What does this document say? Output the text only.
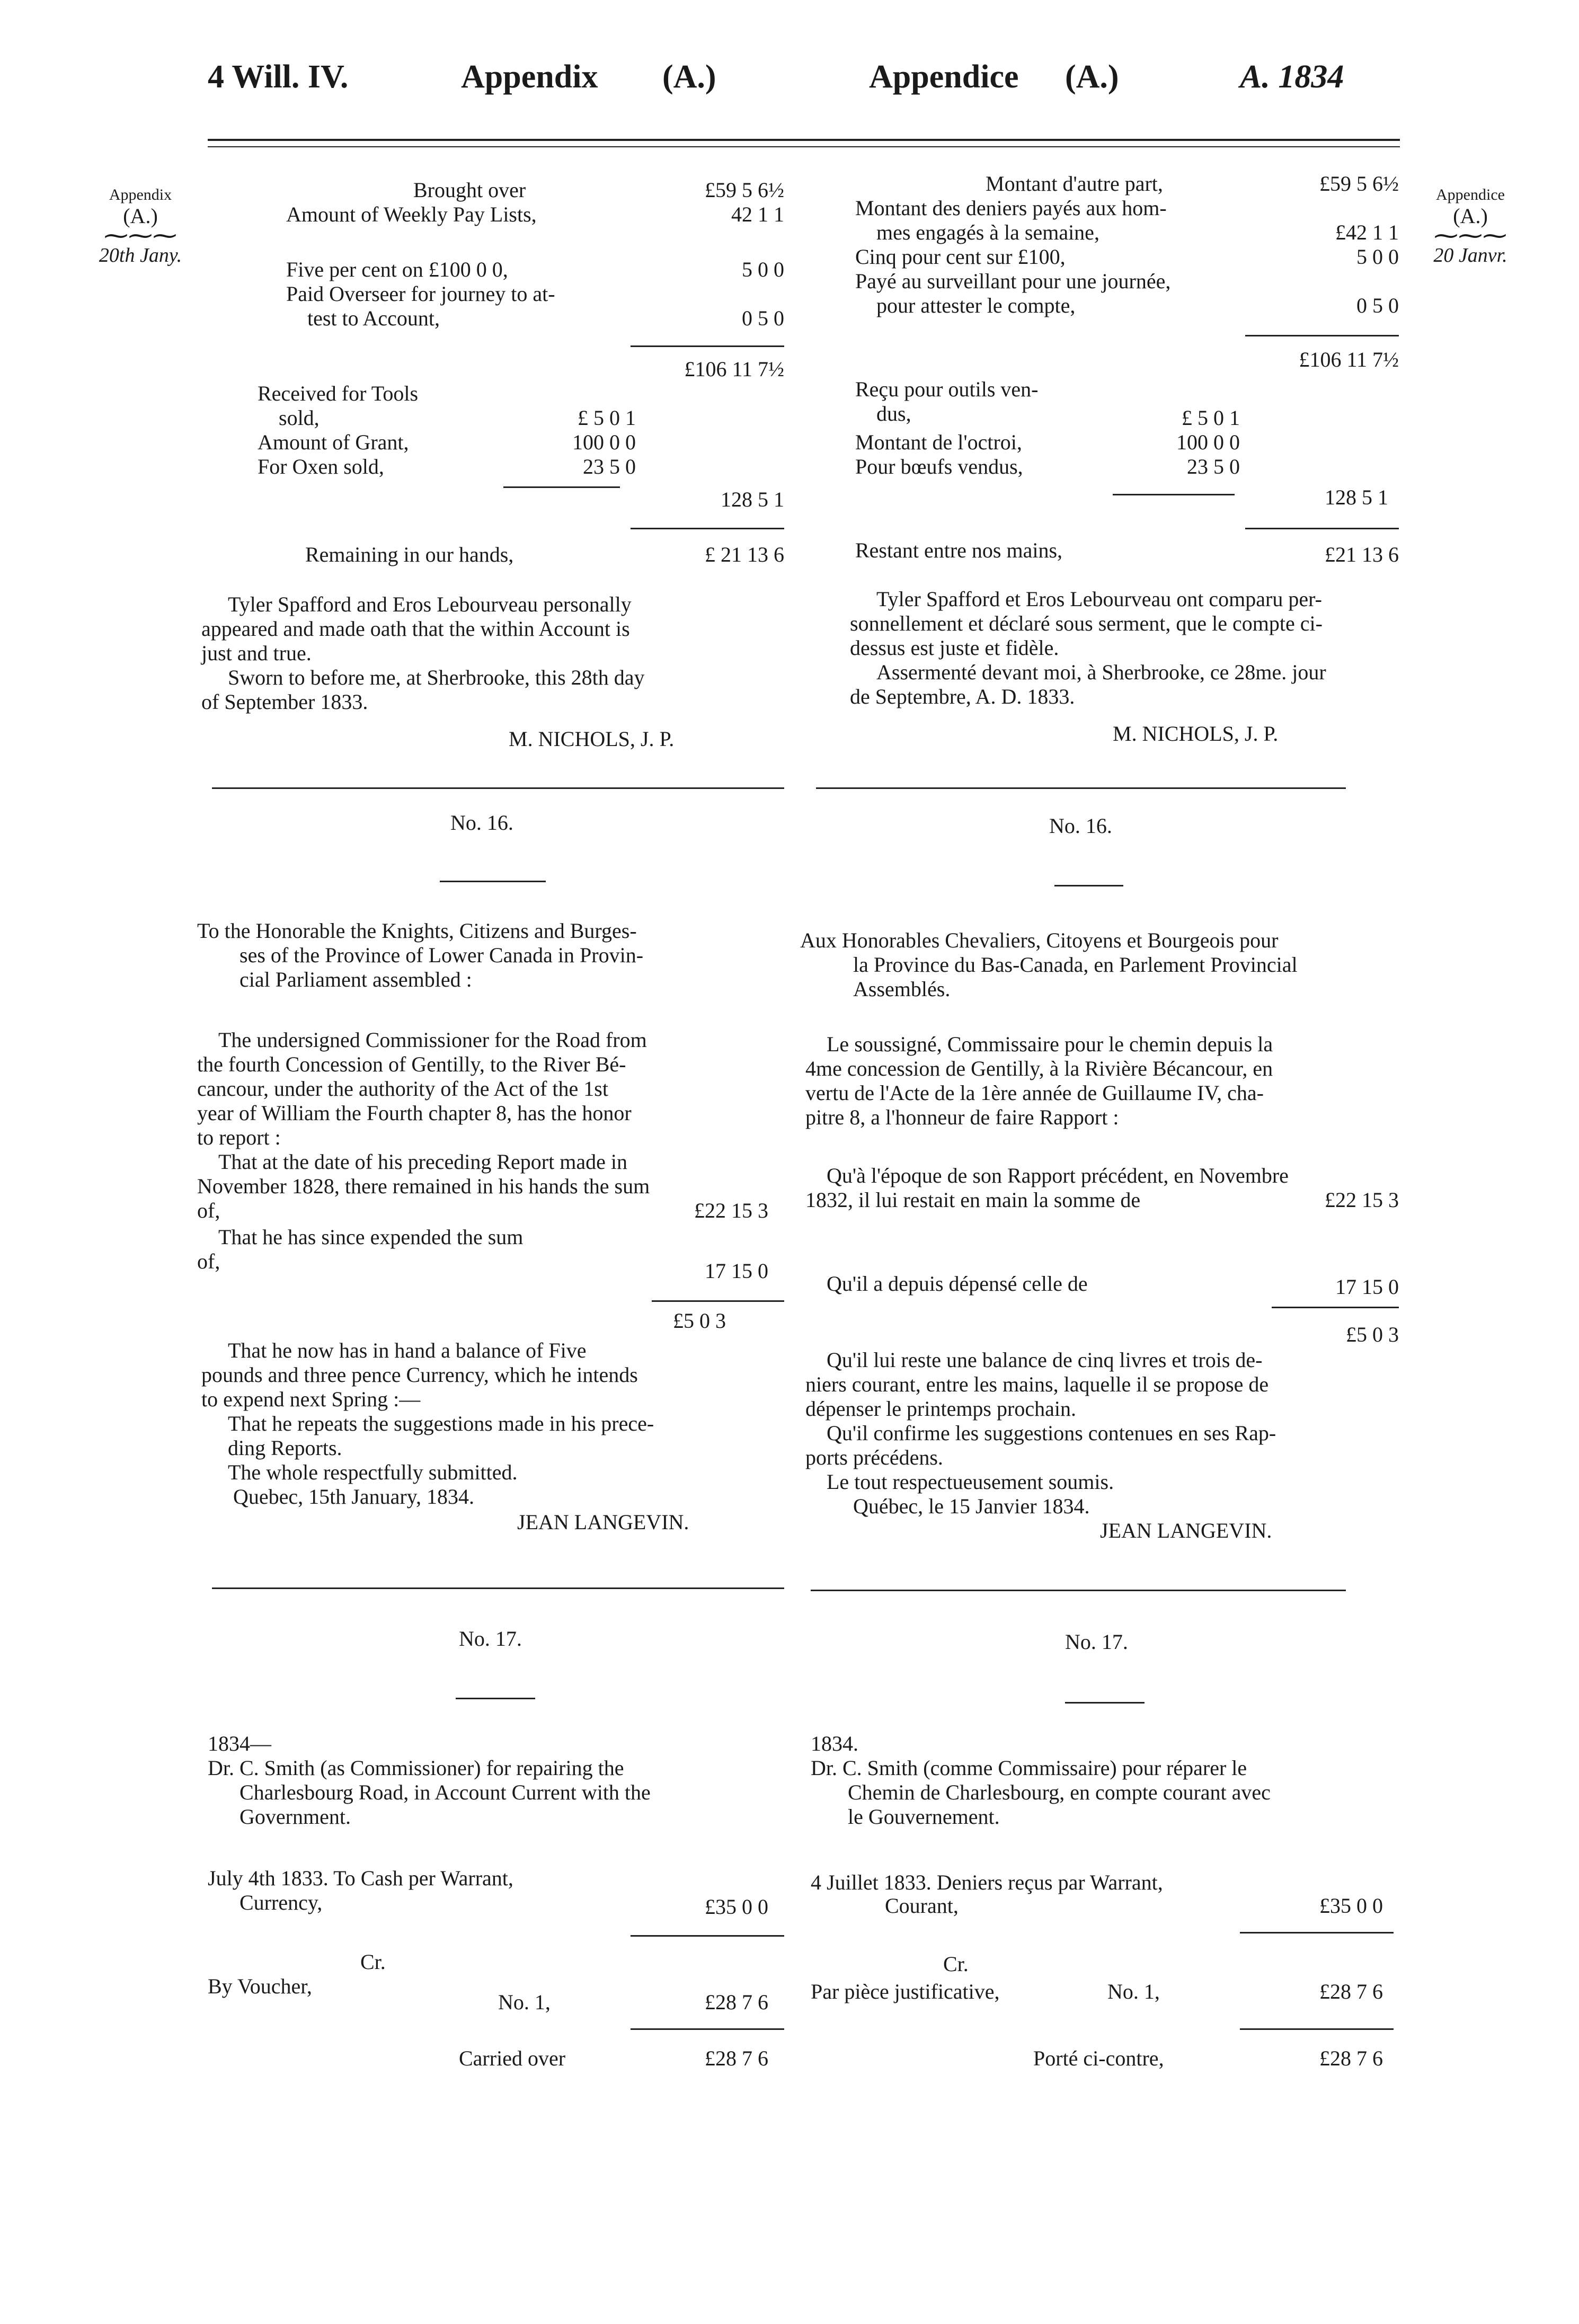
4 Will. IV.	Appendix (A.)	Appendice (A.)	A. 1834
Appendix
(A.)
⁓⁓⁓
20th Jany.
Appendice
(A.)
⁓⁓⁓
20 Janvr.
Brought over	£59 5 6½
Amount of Weekly Pay Lists,	42 1 1
Five per cent on £100 0 0,	5 0 0
Paid Overseer for journey to at-
test to Account,	0 5 0
£106 11 7½
Received for Tools
sold,	£ 5 0 1
Amount of Grant,	100 0 0
For Oxen sold,	23 5 0
128 5 1
Remaining in our hands,	£ 21 13 6
Tyler Spafford and Eros Lebourveau personally
appeared and made oath that the within Account is
just and true.
Sworn to before me, at Sherbrooke, this 28th day
of September 1833.
M. NICHOLS, J. P.
No. 16.
To the Honorable the Knights, Citizens and Burges-
ses of the Province of Lower Canada in Provin-
cial Parliament assembled :
The undersigned Commissioner for the Road from
the fourth Concession of Gentilly, to the River Bé-
cancour, under the authority of the Act of the 1st
year of William the Fourth chapter 8, has the honor
to report :
That at the date of his preceding Report made in
November 1828, there remained in his hands the sum
of,	£22 15 3
That he has since expended the sum
of,	17 15 0
£5 0 3
That he now has in hand a balance of Five
pounds and three pence Currency, which he intends
to expend next Spring :—
That he repeats the suggestions made in his prece-
ding Reports.
The whole respectfully submitted.
Quebec, 15th January, 1834.
JEAN LANGEVIN.
No. 17.
1834—
Dr. C. Smith (as Commissioner) for repairing the
Charlesbourg Road, in Account Current with the
Government.
July 4th 1833. To Cash per Warrant,
Currency,	£35 0 0
Cr.
By Voucher,
No. 1,	£28 7 6
Carried over	£28 7 6
Montant d'autre part,	£59 5 6½
Montant des deniers payés aux hom-
mes engagés à la semaine,	£42 1 1
Cinq pour cent sur £100,	5 0 0
Payé au surveillant pour une journée,
pour attester le compte,	0 5 0
£106 11 7½
Reçu pour outils ven-
dus,	£ 5 0 1
Montant de l'octroi,	100 0 0
Pour bœufs vendus,	23 5 0
128 5 1
Restant entre nos mains,	£21 13 6
Tyler Spafford et Eros Lebourveau ont comparu per-
sonnellement et déclaré sous serment, que le compte ci-
dessus est juste et fidèle.
Assermenté devant moi, à Sherbrooke, ce 28me. jour
de Septembre, A. D. 1833.
M. NICHOLS, J. P.
No. 16.
Aux Honorables Chevaliers, Citoyens et Bourgeois pour
la Province du Bas-Canada, en Parlement Provincial
Assemblés.
Le soussigné, Commissaire pour le chemin depuis la
4me concession de Gentilly, à la Rivière Bécancour, en
vertu de l'Acte de la 1ère année de Guillaume IV, cha-
pitre 8, a l'honneur de faire Rapport :
Qu'à l'époque de son Rapport précédent, en Novembre
1832, il lui restait en main la somme de	£22 15 3
Qu'il a depuis dépensé celle de	17 15 0
£5 0 3
Qu'il lui reste une balance de cinq livres et trois de-
niers courant, entre les mains, laquelle il se propose de
dépenser le printemps prochain.
Qu'il confirme les suggestions contenues en ses Rap-
ports précédens.
Le tout respectueusement soumis.
Québec, le 15 Janvier 1834.
JEAN LANGEVIN.
No. 17.
1834.
Dr. C. Smith (comme Commissaire) pour réparer le
Chemin de Charlesbourg, en compte courant avec
le Gouvernement.
4 Juillet 1833. Deniers reçus par Warrant,
Courant,	£35 0 0
Cr.
Par pièce justificative,	No. 1,	£28 7 6
Porté ci-contre,	£28 7 6
